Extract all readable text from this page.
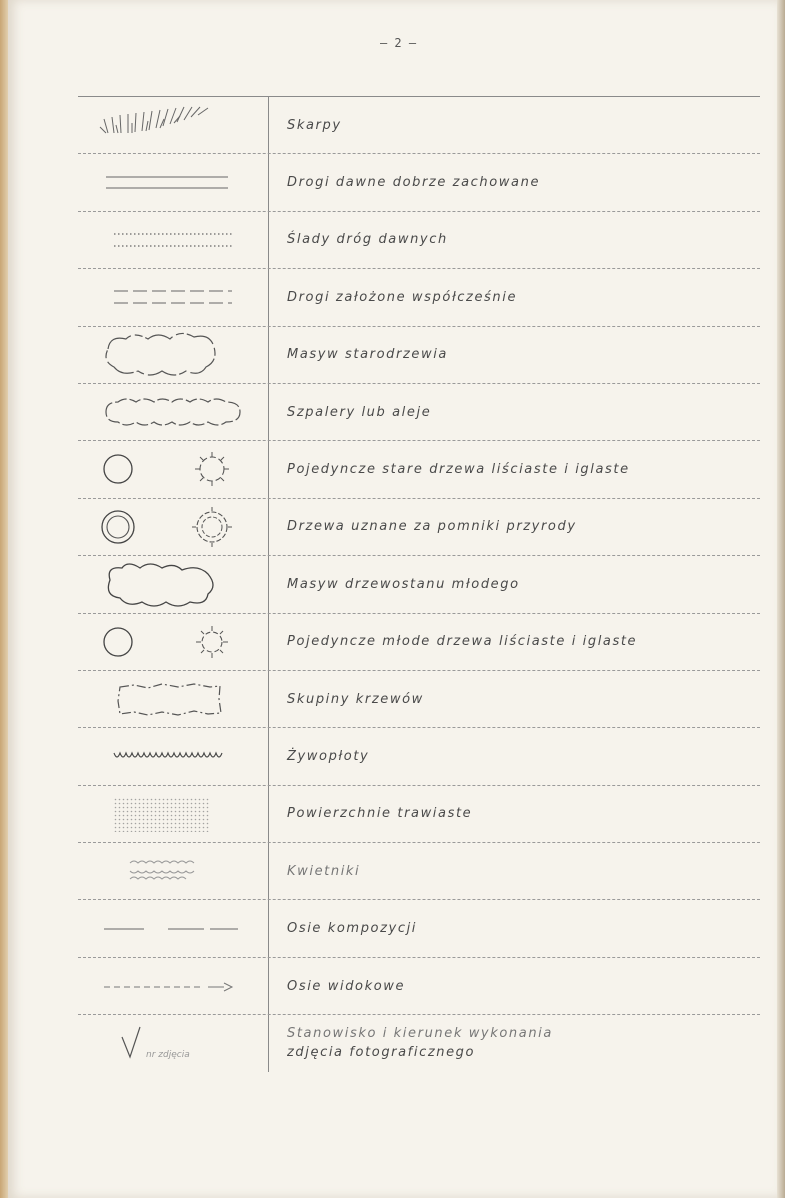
— 2 —
Skarpy
Drogi dawne dobrze zachowane
Ślady dróg dawnych
Drogi założone współcześnie
Masyw starodrzewia
Szpalery lub aleje
Pojedyncze stare drzewa liściaste i iglaste
Drzewa uznane za pomniki przyrody
Masyw drzewostanu młodego
Pojedyncze młode drzewa liściaste i iglaste
Skupiny krzewów
Żywopłoty
Powierzchnie trawiaste
Kwietniki
Osie kompozycji
Osie widokowe
nr zdjęcia
Stanowisko i kierunek wykonania
zdjęcia fotograficznego
